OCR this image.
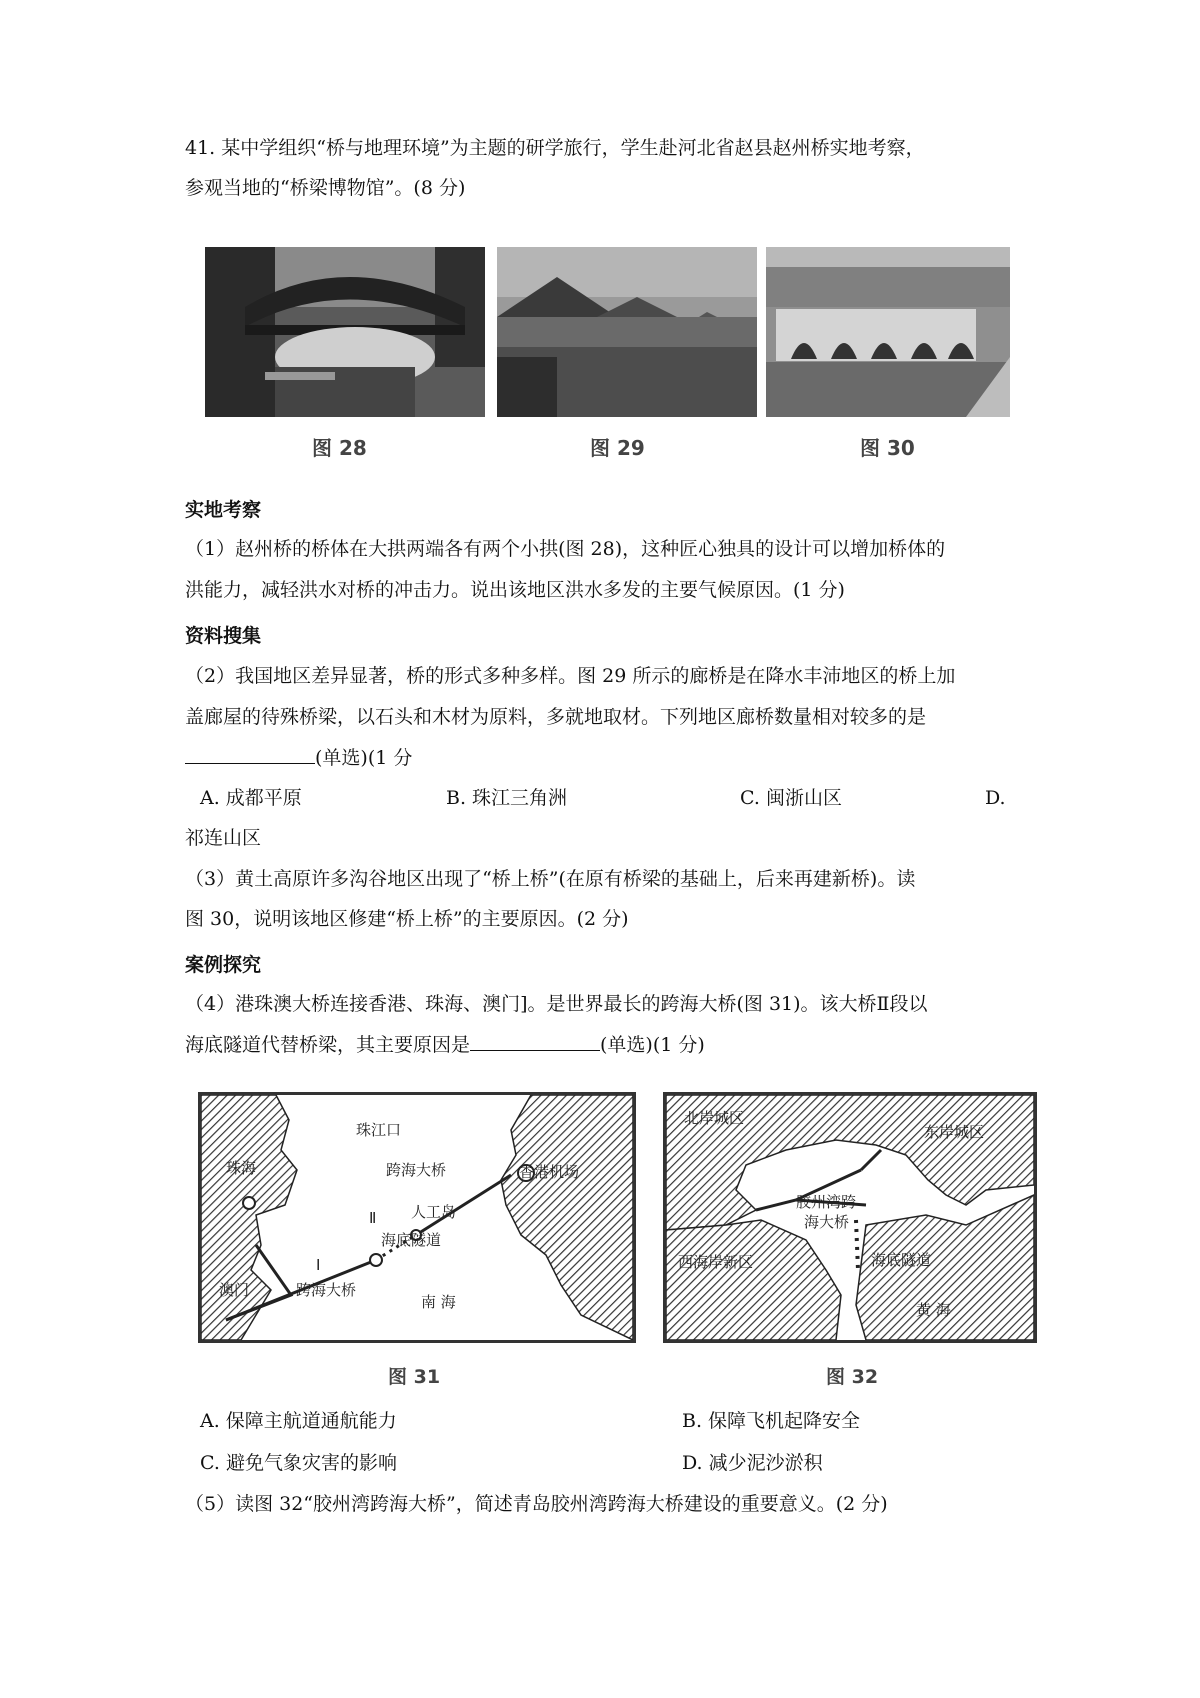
41. 某中学组织“桥与地理环境”为主题的研学旅行，学生赴河北省赵县赵州桥实地考察，
参观当地的“桥梁博物馆”。(8 分)
图 28	图 29	图 30
实地考察
（1）赵州桥的桥体在大拱两端各有两个小拱(图 28)，这种匠心独具的设计可以增加桥体的
洪能力，减轻洪水对桥的冲击力。说出该地区洪水多发的主要气候原因。(1 分)
资料搜集
（2）我国地区差异显著，桥的形式多种多样。图 29 所示的廊桥是在降水丰沛地区的桥上加
盖廊屋的待殊桥梁，以石头和木材为原料，多就地取材。下列地区廊桥数量相对较多的是
(单选)(1 分
A. 成都平原	B. 珠江三角洲	C. 闽浙山区	D.
祁连山区
（3）黄土高原许多沟谷地区出现了“桥上桥”(在原有桥梁的基础上，后来再建新桥)。读
图 30，说明该地区修建“桥上桥”的主要原因。(2 分)
案例探究
（4）港珠澳大桥连接香港、珠海、澳门]。是世界最长的跨海大桥(图 31)。该大桥Ⅱ段以
海底隧道代替桥梁，其主要原因是	(单选)(1 分)
珠江口
珠海	跨海大桥	香港机场
Ⅱ 人工岛
海底隧道
Ⅰ
澳门	跨海大桥
南 海
图 31
北岸城区
东岸城区
胶州湾跨
海大桥
西海岸新区	海底隧道
黄 海
图 32
A. 保障主航道通航能力	B. 保障飞机起降安全
C. 避免气象灾害的影响	D. 减少泥沙淤积
（5）读图 32“胶州湾跨海大桥”，简述青岛胶州湾跨海大桥建设的重要意义。(2 分)
